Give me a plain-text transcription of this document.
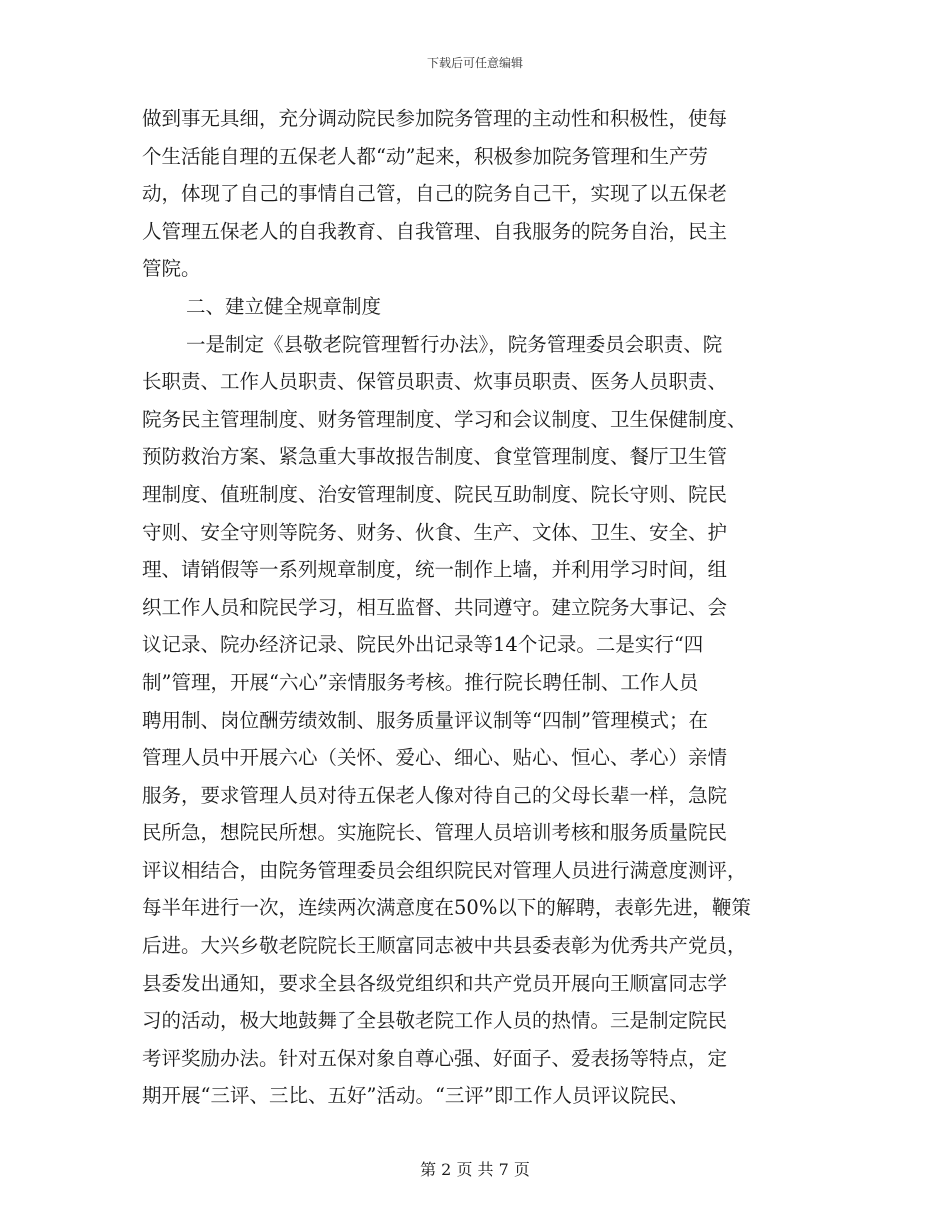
下载后可任意编辑
做到事无具细，充分调动院民参加院务管理的主动性和积极性，使每
个生活能自理的五保老人都“动”起来，积极参加院务管理和生产劳
动，体现了自己的事情自己管，自己的院务自己干，实现了以五保老
人管理五保老人的自我教育、自我管理、自我服务的院务自治，民主
管院。
二、建立健全规章制度
一是制定《县敬老院管理暂行办法》，院务管理委员会职责、院
长职责、工作人员职责、保管员职责、炊事员职责、医务人员职责、
院务民主管理制度、财务管理制度、学习和会议制度、卫生保健制度、
预防救治方案、紧急重大事故报告制度、食堂管理制度、餐厅卫生管
理制度、值班制度、治安管理制度、院民互助制度、院长守则、院民
守则、安全守则等院务、财务、伙食、生产、文体、卫生、安全、护
理、请销假等一系列规章制度，统一制作上墙，并利用学习时间，组
织工作人员和院民学习，相互监督、共同遵守。建立院务大事记、会
议记录、院办经济记录、院民外出记录等14个记录。二是实行“四
制”管理，开展“六心”亲情服务考核。推行院长聘任制、工作人员
聘用制、岗位酬劳绩效制、服务质量评议制等“四制”管理模式；在
管理人员中开展六心（关怀、爱心、细心、贴心、恒心、孝心）亲情
服务，要求管理人员对待五保老人像对待自己的父母长辈一样，急院
民所急，想院民所想。实施院长、管理人员培训考核和服务质量院民
评议相结合，由院务管理委员会组织院民对管理人员进行满意度测评，
每半年进行一次，连续两次满意度在50%以下的解聘，表彰先进，鞭策
后进。大兴乡敬老院院长王顺富同志被中共县委表彰为优秀共产党员，
县委发出通知，要求全县各级党组织和共产党员开展向王顺富同志学
习的活动，极大地鼓舞了全县敬老院工作人员的热情。三是制定院民
考评奖励办法。针对五保对象自尊心强、好面子、爱表扬等特点，定
期开展“三评、三比、五好”活动。“三评”即工作人员评议院民、
第 2 页 共 7 页
